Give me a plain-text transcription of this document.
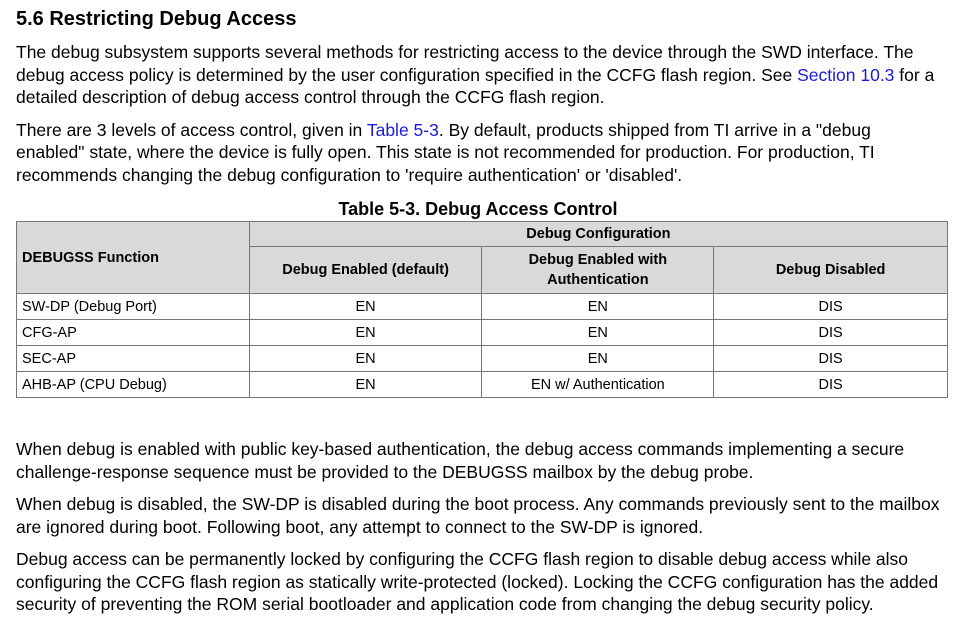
5.6 Restricting Debug Access

The debug subsystem supports several methods for restricting access to the device through the SWD interface. The debug access policy is determined by the user configuration specified in the CCFG flash region. See Section 10.3 for a detailed description of debug access control through the CCFG flash region.

There are 3 levels of access control, given in Table 5-3. By default, products shipped from TI arrive in a "debug enabled" state, where the device is fully open. This state is not recommended for production. For production, TI recommends changing the debug configuration to 'require authentication' or 'disabled'.

Table 5-3. Debug Access Control
DEBUGSS Function	Debug Configuration		
	Debug Enabled (default)	Debug Enabled with Authentication	Debug Disabled
SW-DP (Debug Port)	EN	EN	DIS
CFG-AP	EN	EN	DIS
SEC-AP	EN	EN	DIS
AHB-AP (CPU Debug)	EN	EN w/ Authentication	DIS

When debug is enabled with public key-based authentication, the debug access commands implementing a secure challenge-response sequence must be provided to the DEBUGSS mailbox by the debug probe.

When debug is disabled, the SW-DP is disabled during the boot process. Any commands previously sent to the mailbox are ignored during boot. Following boot, any attempt to connect to the SW-DP is ignored.

Debug access can be permanently locked by configuring the CCFG flash region to disable debug access while also configuring the CCFG flash region as statically write-protected (locked). Locking the CCFG configuration has the added security of preventing the ROM serial bootloader and application code from changing the debug security policy.
